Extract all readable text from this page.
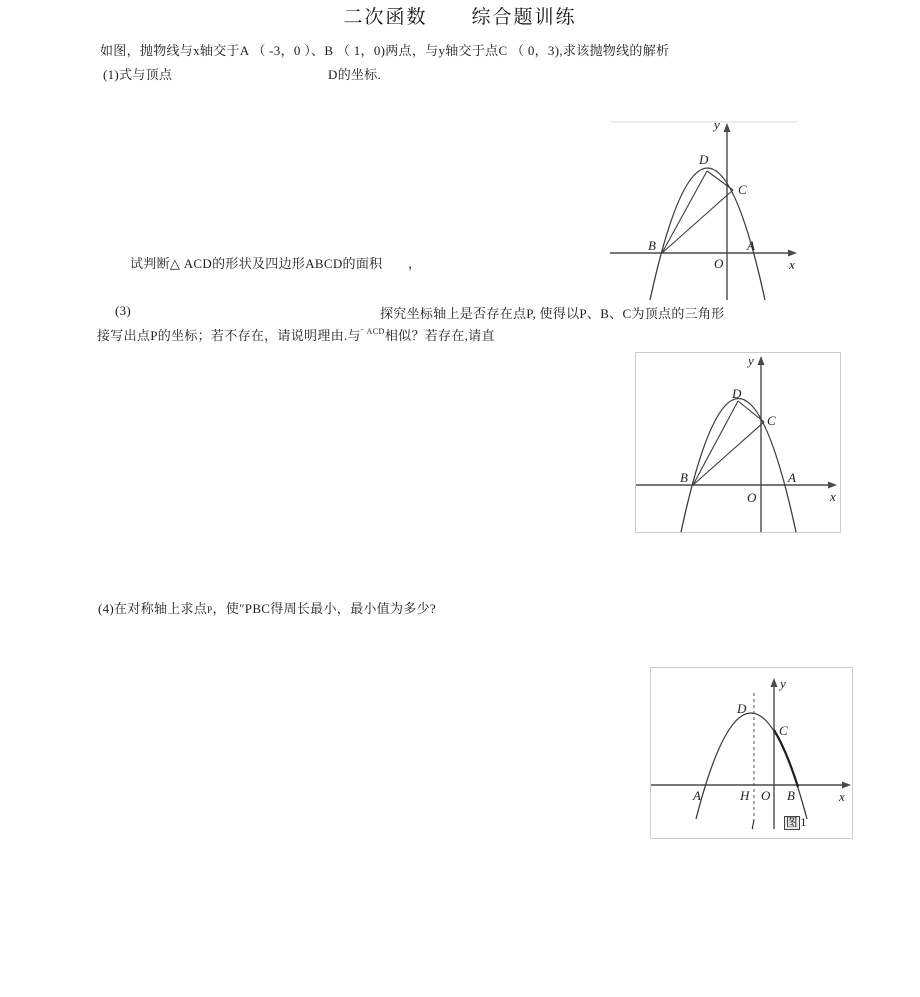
二次函数 综合题训练
如图，抛物线与x轴交于A （ -3，0 ）、B （ 1，0)两点，与y轴交于点C （ 0，3),求该抛物线的解析
(1)式与顶点	D的坐标.
试判断△ ACD的形状及四边形ABCD的面积 ，
(3)	探究坐标轴上是否存在点P, 使得以P、B、C为顶点的三角形
接写出点P的坐标；若不存在，请说明理由.与$^{ˉ ACD}$相似？若存在,请直
(4)在对称轴上求点P，使″PBC得周长最小，最小值为多少?
y
x
D
C
B	A
O
y
x
D
C
B	A
O
y
x
D
C
A	H O B
l	图 1
